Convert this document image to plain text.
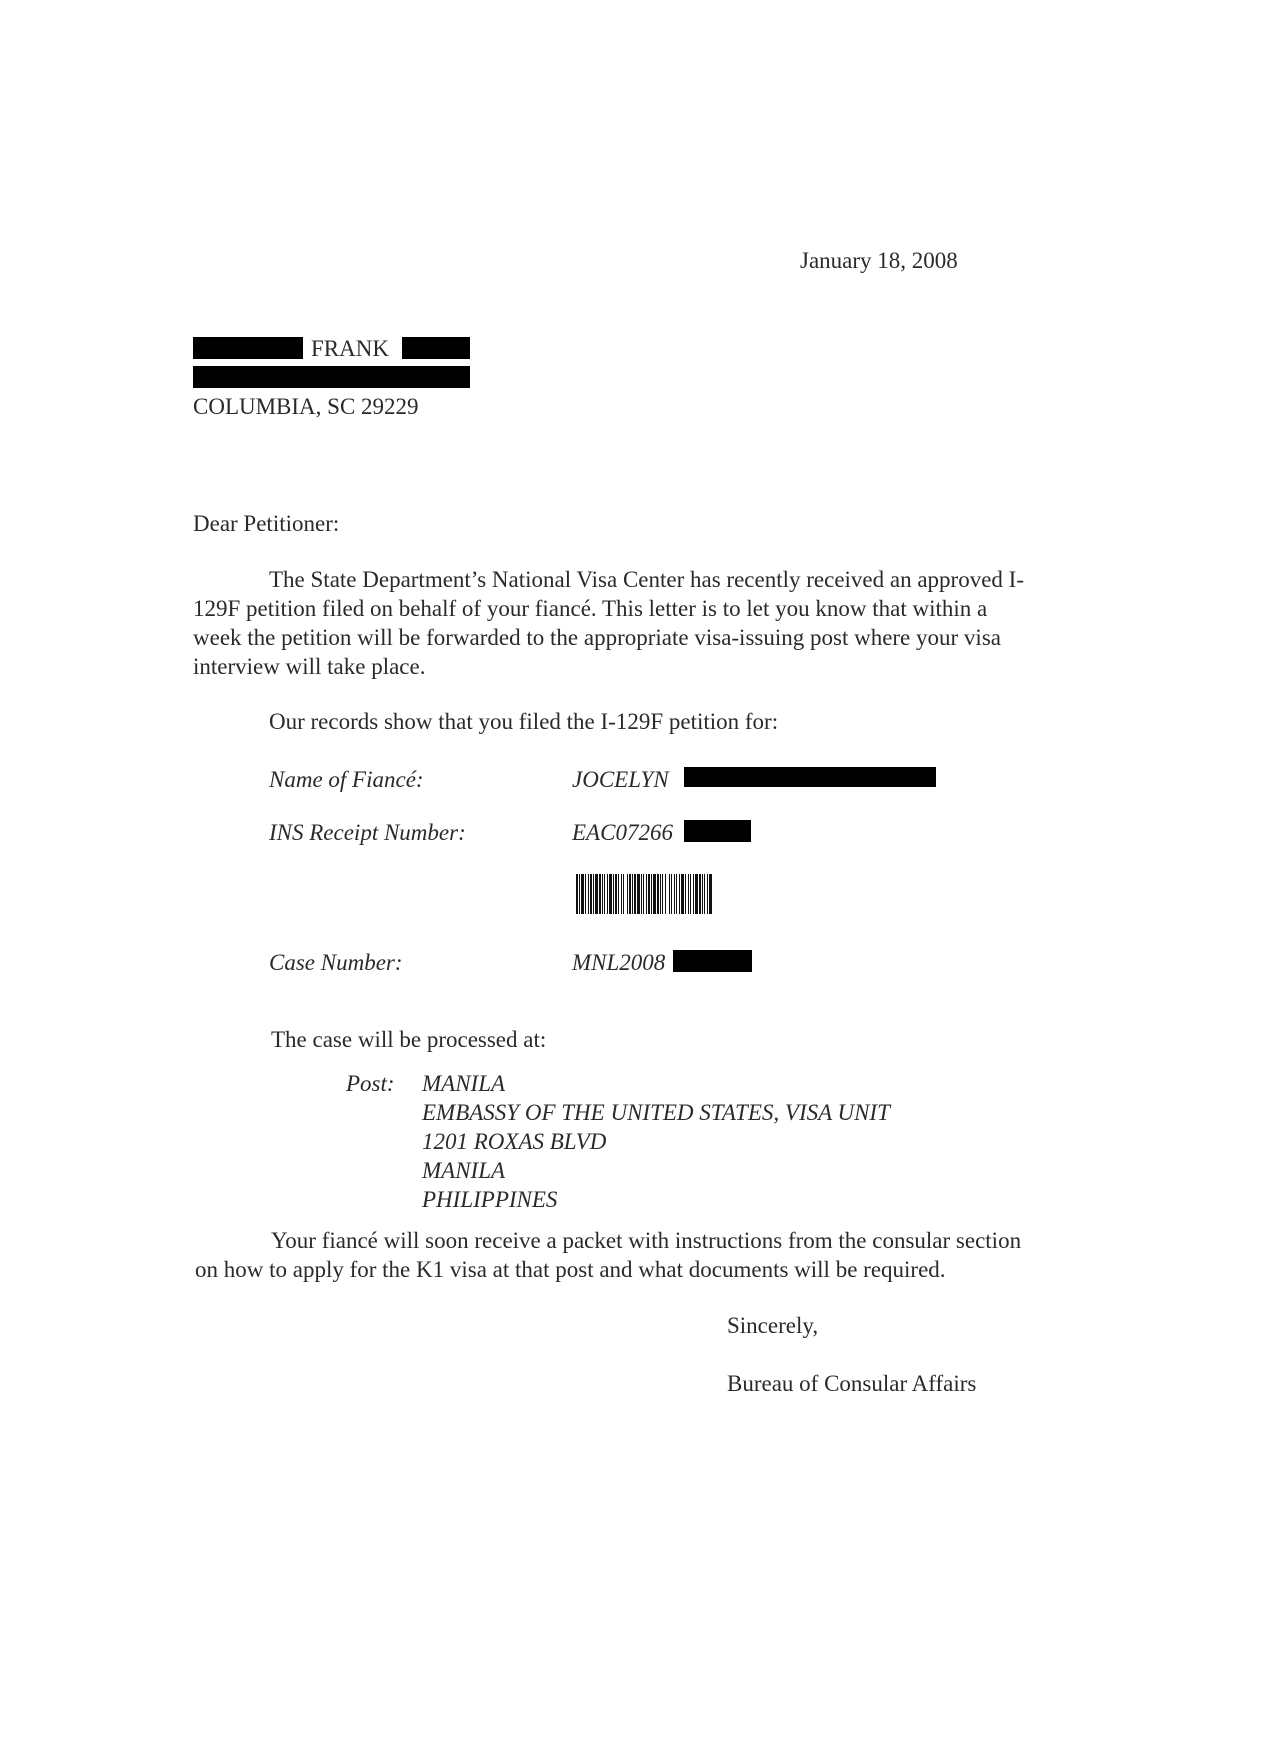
January 18, 2008
FRANK
COLUMBIA, SC 29229
Dear Petitioner:
The State Department’s National Visa Center has recently received an approved I-
129F petition filed on behalf of your fiancé. This letter is to let you know that within a
week the petition will be forwarded to the appropriate visa-issuing post where your visa
interview will take place.
Our records show that you filed the I-129F petition for:
Name of Fiancé:	JOCELYN
INS Receipt Number:	EAC07266
Case Number:	MNL2008
The case will be processed at:
Post: MANILA
EMBASSY OF THE UNITED STATES, VISA UNIT
1201 ROXAS BLVD
MANILA
PHILIPPINES
Your fiancé will soon receive a packet with instructions from the consular section
on how to apply for the K1 visa at that post and what documents will be required.
Sincerely,
Bureau of Consular Affairs
